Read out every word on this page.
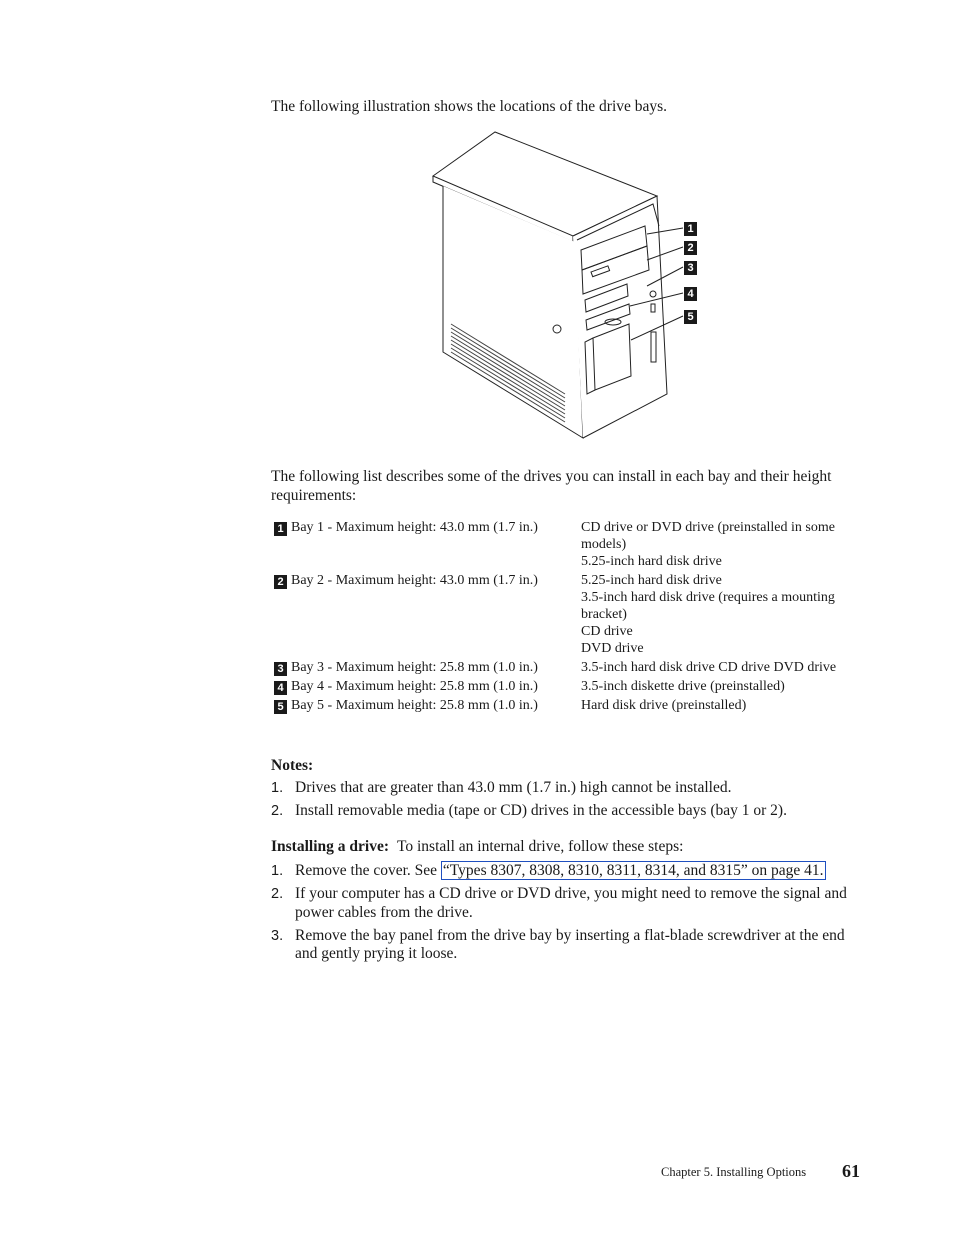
The following illustration shows the locations of the drive bays.

1
2
3
4
5

The following list describes some of the drives you can install in each bay and their height requirements:

1 Bay 1 - Maximum height: 43.0 mm (1.7 in.)	CD drive or DVD drive (preinstalled in some models)
5.25-inch hard disk drive

2 Bay 2 - Maximum height: 43.0 mm (1.7 in.)	5.25-inch hard disk drive
3.5-inch hard disk drive (requires a mounting bracket)
CD drive
DVD drive

3 Bay 3 - Maximum height: 25.8 mm (1.0 in.)	3.5-inch hard disk drive CD drive DVD drive

4 Bay 4 - Maximum height: 25.8 mm (1.0 in.)	3.5-inch diskette drive (preinstalled)

5 Bay 5 - Maximum height: 25.8 mm (1.0 in.)	Hard disk drive (preinstalled)

Notes:

1. Drives that are greater than 43.0 mm (1.7 in.) high cannot be installed.
2. Install removable media (tape or CD) drives in the accessible bays (bay 1 or 2).

Installing a drive: To install an internal drive, follow these steps:

1. Remove the cover. See “Types 8307, 8308, 8310, 8311, 8314, and 8315” on page 41.
2. If your computer has a CD drive or DVD drive, you might need to remove the signal and power cables from the drive.
3. Remove the bay panel from the drive bay by inserting a flat-blade screwdriver at the end and gently prying it loose.

Chapter 5. Installing Options 61
